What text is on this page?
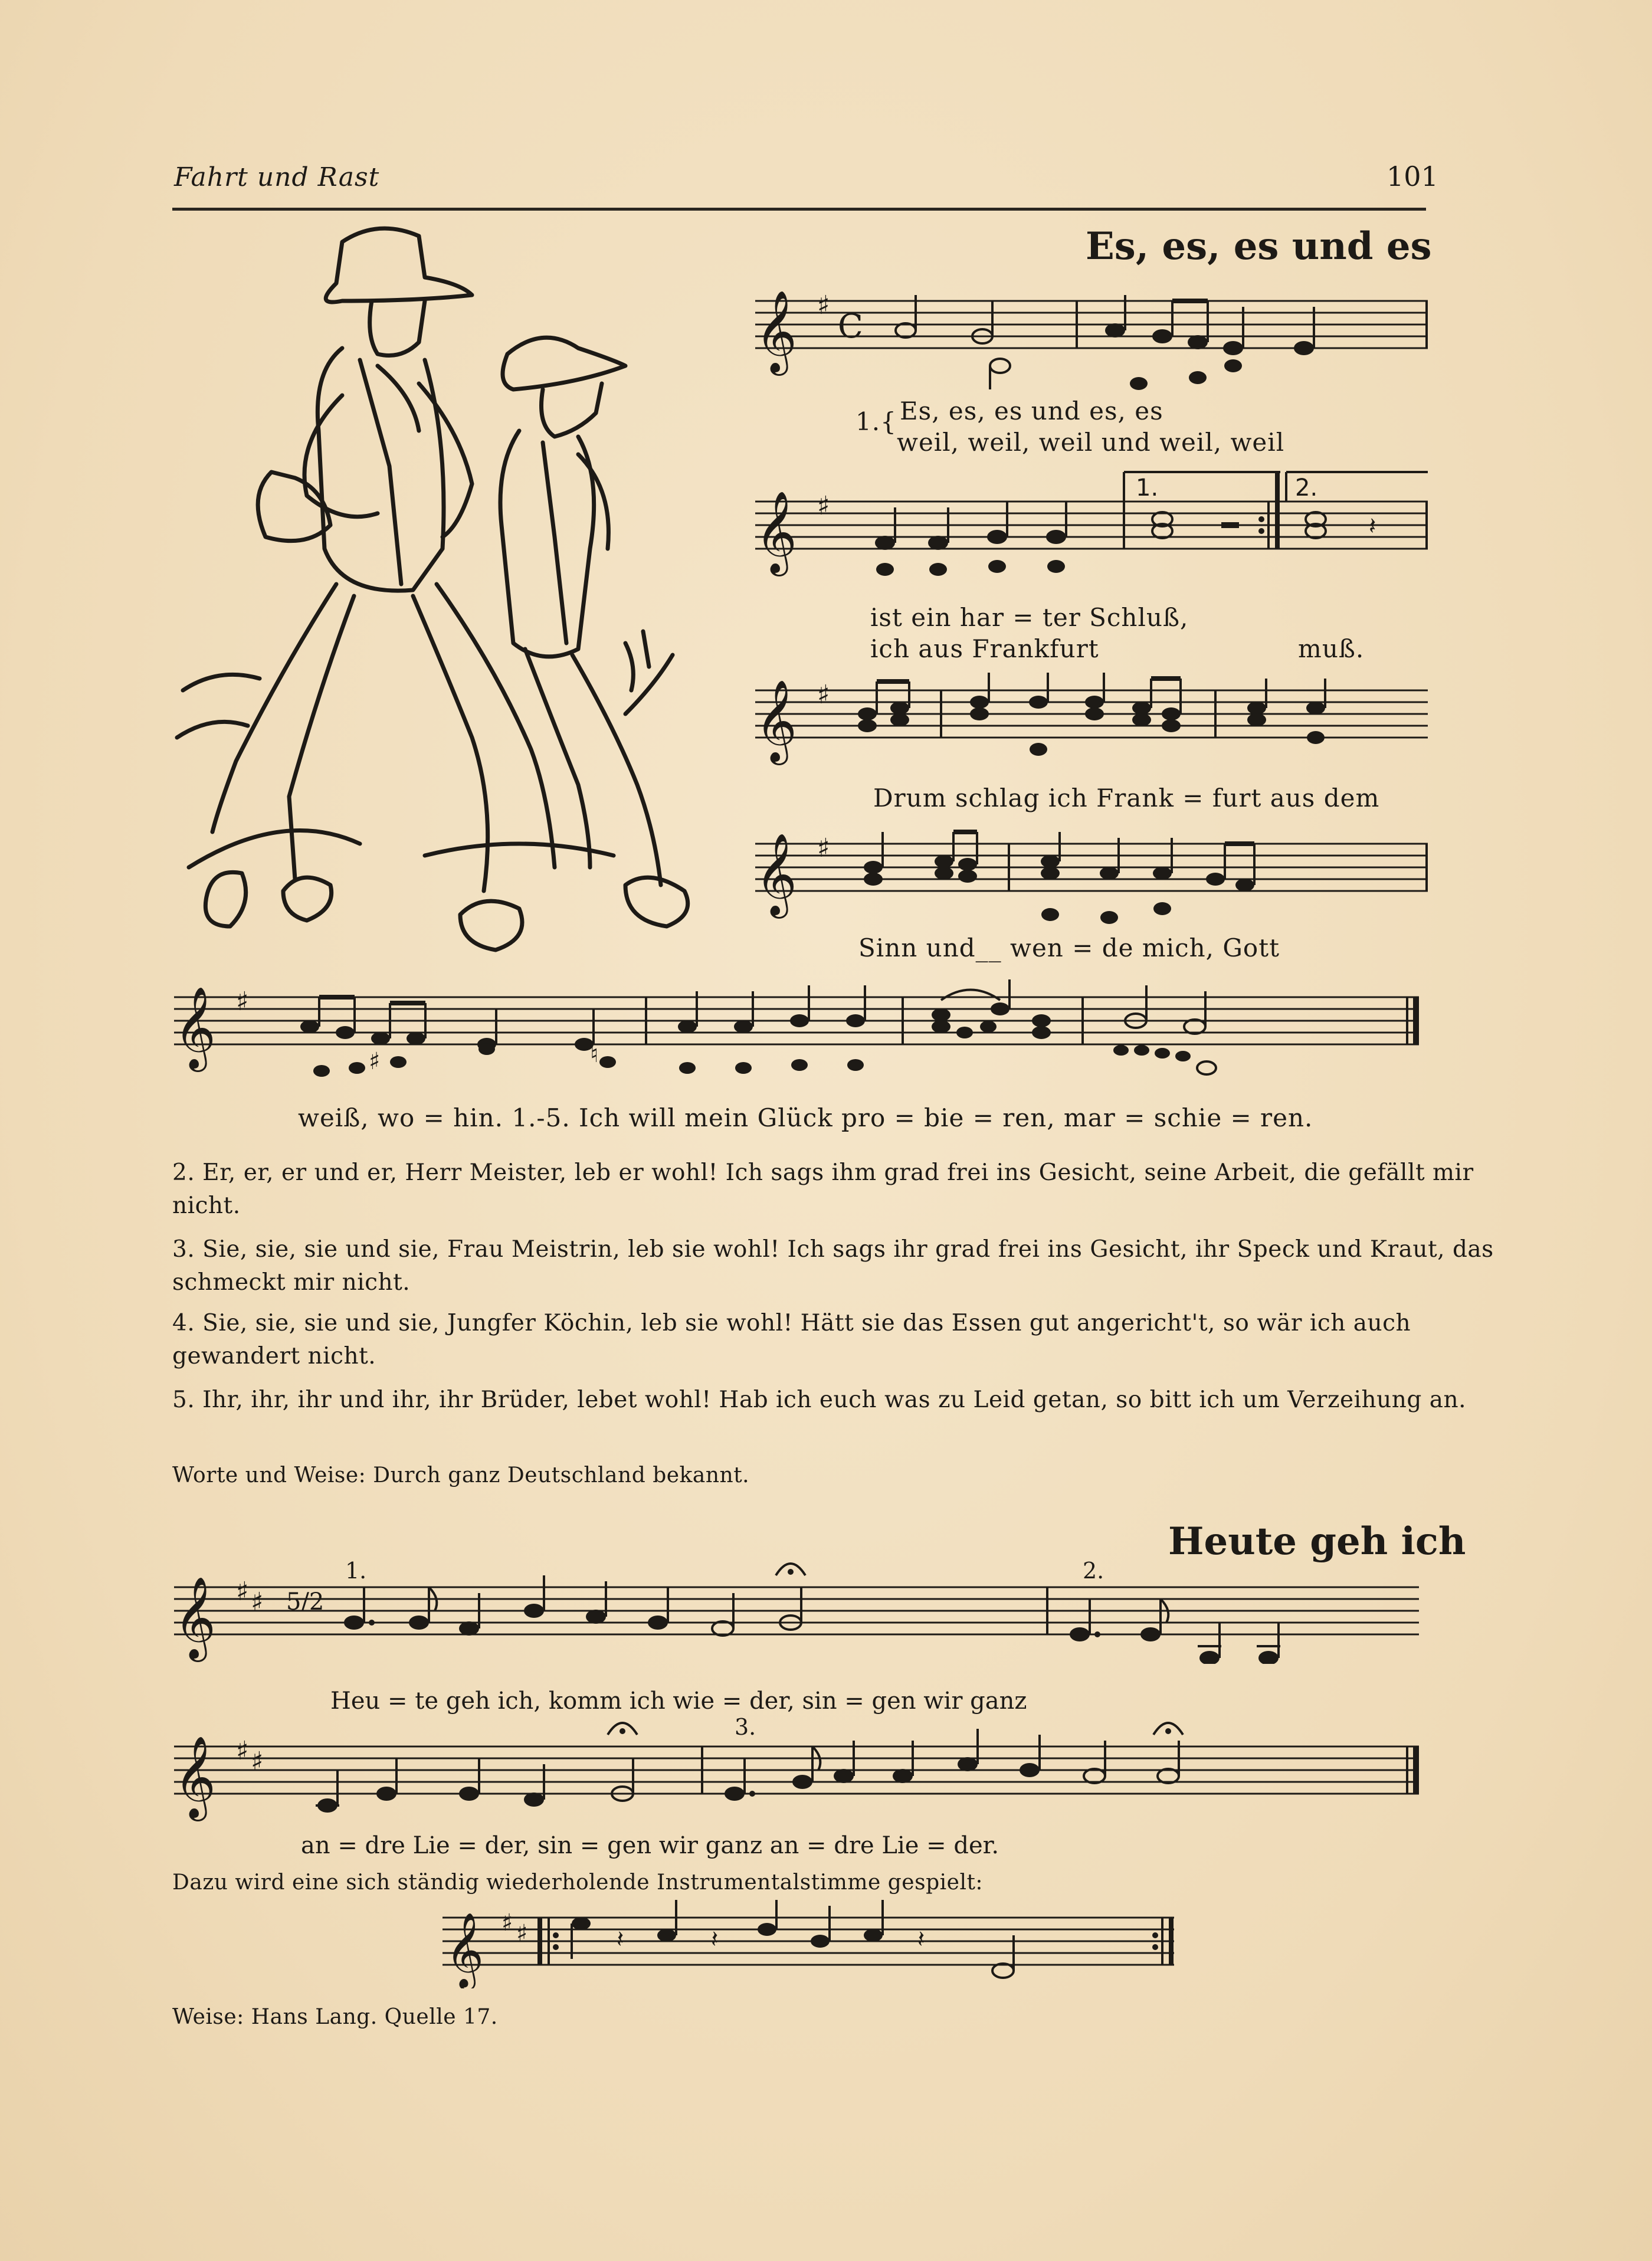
Fahrt und Rast	101
Es, es, es und es
𝄞 ♯
C
1.{ Es, es, es und es, es
weil, weil, weil und weil, weil
𝄞 ♯
1.	2.
𝄽
ist ein har = ter Schluß,
ich aus Frankfurt	muß.
𝄞 ♯
Drum schlag ich Frank = furt aus dem
𝄞 ♯
Sinn und__ wen = de mich, Gott
𝄞 ♯
♯	♮
weiß, wo = hin. 1.-5. Ich will mein Glück pro = bie = ren, mar = schie = ren.
2. Er, er, er und er, Herr Meister, leb er wohl! Ich sags ihm grad frei ins Gesicht, seine Arbeit, die gefällt mir nicht.
3. Sie, sie, sie und sie, Frau Meistrin, leb sie wohl! Ich sags ihr grad frei ins Gesicht, ihr Speck und Kraut, das schmeckt mir nicht.
4. Sie, sie, sie und sie, Jungfer Köchin, leb sie wohl! Hätt sie das Essen gut angericht't, so wär ich auch gewandert nicht.
5. Ihr, ihr, ihr und ihr, ihr Brüder, lebet wohl! Hab ich euch was zu Leid getan, so bitt ich um Verzeihung an.
Worte und Weise: Durch ganz Deutschland bekannt.
Heute geh ich
𝄞 ♯ ♯ 5/2
1.	2.
Heu = te geh ich, komm ich wie = der, sin = gen wir ganz
𝄞 ♯ ♯
3.
an = dre Lie = der, sin = gen wir ganz an = dre Lie = der.
Dazu wird eine sich ständig wiederholende Instrumentalstimme gespielt:
𝄞 ♯ ♯	𝄽	𝄽	𝄽
Weise: Hans Lang. Quelle 17.
